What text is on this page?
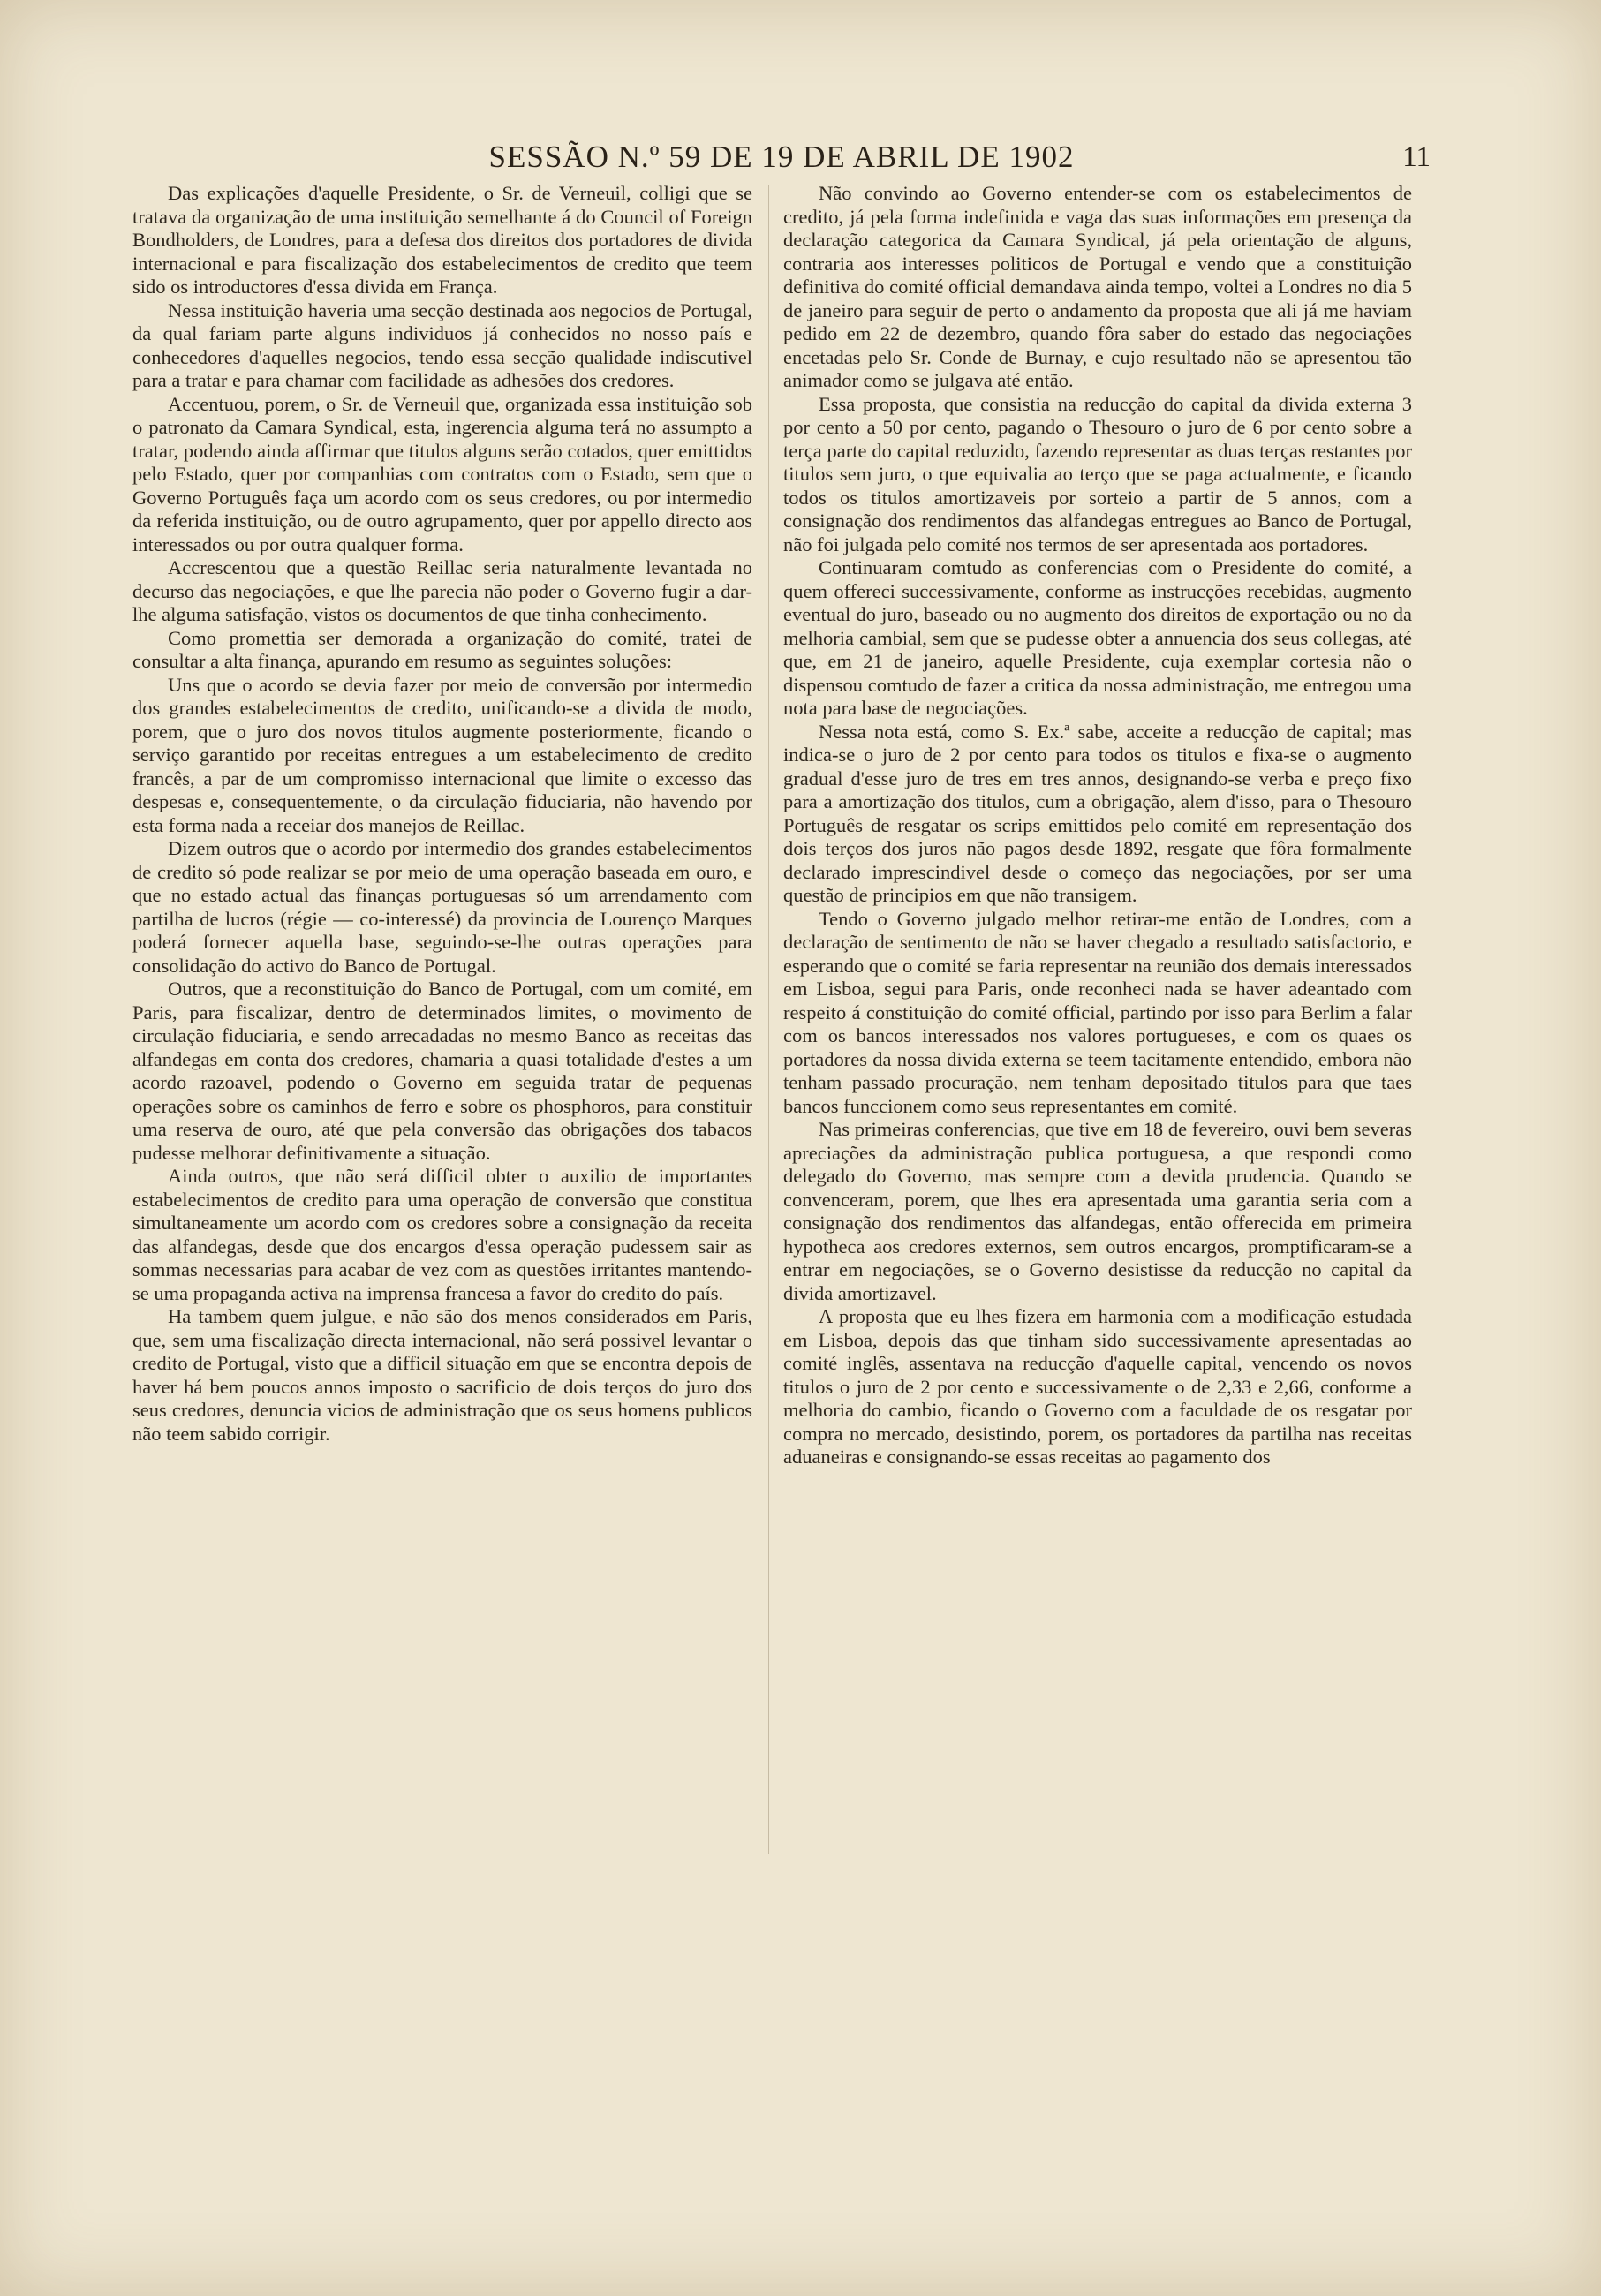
SESSÃO N.º 59 DE 19 DE ABRIL DE 1902	11

Das explicações d'aquelle Presidente, o Sr. de Verneuil, colligi que se tratava da organização de uma instituição semelhante á do Council of Foreign Bondholders, de Londres, para a defesa dos direitos dos portadores de divida internacional e para fiscalização dos estabelecimentos de credito que teem sido os introductores d'essa divida em França.

Nessa instituição haveria uma secção destinada aos negocios de Portugal, da qual fariam parte alguns individuos já conhecidos no nosso país e conhecedores d'aquelles negocios, tendo essa secção qualidade indiscutivel para a tratar e para chamar com facilidade as adhesões dos credores.

Accentuou, porem, o Sr. de Verneuil que, organizada essa instituição sob o patronato da Camara Syndical, esta, ingerencia alguma terá no assumpto a tratar, podendo ainda affirmar que titulos alguns serão cotados, quer emittidos pelo Estado, quer por companhias com contratos com o Estado, sem que o Governo Português faça um acordo com os seus credores, ou por intermedio da referida instituição, ou de outro agrupamento, quer por appello directo aos interessados ou por outra qualquer forma.

Accrescentou que a questão Reillac seria naturalmente levantada no decurso das negociações, e que lhe parecia não poder o Governo fugir a dar-lhe alguma satisfação, vistos os documentos de que tinha conhecimento.

Como promettia ser demorada a organização do comité, tratei de consultar a alta finança, apurando em resumo as seguintes soluções:

Uns que o acordo se devia fazer por meio de conversão por intermedio dos grandes estabelecimentos de credito, unificando-se a divida de modo, porem, que o juro dos novos titulos augmente posteriormente, ficando o serviço garantido por receitas entregues a um estabelecimento de credito francês, a par de um compromisso internacional que limite o excesso das despesas e, consequentemente, o da circulação fiduciaria, não havendo por esta forma nada a receiar dos manejos de Reillac.

Dizem outros que o acordo por intermedio dos grandes estabelecimentos de credito só pode realizar se por meio de uma operação baseada em ouro, e que no estado actual das finanças portuguesas só um arrendamento com partilha de lucros (régie — co-interessé) da provincia de Lourenço Marques poderá fornecer aquella base, seguindo-se-lhe outras operações para consolidação do activo do Banco de Portugal.

Outros, que a reconstituição do Banco de Portugal, com um comité, em Paris, para fiscalizar, dentro de determinados limites, o movimento de circulação fiduciaria, e sendo arrecadadas no mesmo Banco as receitas das alfandegas em conta dos credores, chamaria a quasi totalidade d'estes a um acordo razoavel, podendo o Governo em seguida tratar de pequenas operações sobre os caminhos de ferro e sobre os phosphoros, para constituir uma reserva de ouro, até que pela conversão das obrigações dos tabacos pudesse melhorar definitivamente a situação.

Ainda outros, que não será difficil obter o auxilio de importantes estabelecimentos de credito para uma operação de conversão que constitua simultaneamente um acordo com os credores sobre a consignação da receita das alfandegas, desde que dos encargos d'essa operação pudessem sair as sommas necessarias para acabar de vez com as questões irritantes mantendo-se uma propaganda activa na imprensa francesa a favor do credito do país.

Ha tambem quem julgue, e não são dos menos considerados em Paris, que, sem uma fiscalização directa internacional, não será possivel levantar o credito de Portugal, visto que a difficil situação em que se encontra depois de haver há bem poucos annos imposto o sacrificio de dois terços do juro dos seus credores, denuncia vicios de administração que os seus homens publicos não teem sabido corrigir.

Não convindo ao Governo entender-se com os estabelecimentos de credito, já pela forma indefinida e vaga das suas informações em presença da declaração categorica da Camara Syndical, já pela orientação de alguns, contraria aos interesses politicos de Portugal e vendo que a constituição definitiva do comité official demandava ainda tempo, voltei a Londres no dia 5 de janeiro para seguir de perto o andamento da proposta que ali já me haviam pedido em 22 de dezembro, quando fôra saber do estado das negociações encetadas pelo Sr. Conde de Burnay, e cujo resultado não se apresentou tão animador como se julgava até então.

Essa proposta, que consistia na reducção do capital da divida externa 3 por cento a 50 por cento, pagando o Thesouro o juro de 6 por cento sobre a terça parte do capital reduzido, fazendo representar as duas terças restantes por titulos sem juro, o que equivalia ao terço que se paga actualmente, e ficando todos os titulos amortizaveis por sorteio a partir de 5 annos, com a consignação dos rendimentos das alfandegas entregues ao Banco de Portugal, não foi julgada pelo comité nos termos de ser apresentada aos portadores.

Continuaram comtudo as conferencias com o Presidente do comité, a quem offereci successivamente, conforme as instrucções recebidas, augmento eventual do juro, baseado ou no augmento dos direitos de exportação ou no da melhoria cambial, sem que se pudesse obter a annuencia dos seus collegas, até que, em 21 de janeiro, aquelle Presidente, cuja exemplar cortesia não o dispensou comtudo de fazer a critica da nossa administração, me entregou uma nota para base de negociações.

Nessa nota está, como S. Ex.ª sabe, acceite a reducção de capital; mas indica-se o juro de 2 por cento para todos os titulos e fixa-se o augmento gradual d'esse juro de tres em tres annos, designando-se verba e preço fixo para a amortização dos titulos, cum a obrigação, alem d'isso, para o Thesouro Português de resgatar os scrips emittidos pelo comité em representação dos dois terços dos juros não pagos desde 1892, resgate que fôra formalmente declarado imprescindivel desde o começo das negociações, por ser uma questão de principios em que não transigem.

Tendo o Governo julgado melhor retirar-me então de Londres, com a declaração de sentimento de não se haver chegado a resultado satisfactorio, e esperando que o comité se faria representar na reunião dos demais interessados em Lisboa, segui para Paris, onde reconheci nada se haver adeantado com respeito á constituição do comité official, partindo por isso para Berlim a falar com os bancos interessados nos valores portugueses, e com os quaes os portadores da nossa divida externa se teem tacitamente entendido, embora não tenham passado procuração, nem tenham depositado titulos para que taes bancos funccionem como seus representantes em comité.

Nas primeiras conferencias, que tive em 18 de fevereiro, ouvi bem severas apreciações da administração publica portuguesa, a que respondi como delegado do Governo, mas sempre com a devida prudencia. Quando se convenceram, porem, que lhes era apresentada uma garantia seria com a consignação dos rendimentos das alfandegas, então offerecida em primeira hypotheca aos credores externos, sem outros encargos, promptificaram-se a entrar em negociações, se o Governo desistisse da reducção no capital da divida amortizavel.

A proposta que eu lhes fizera em harmonia com a modificação estudada em Lisboa, depois das que tinham sido successivamente apresentadas ao comité inglês, assentava na reducção d'aquelle capital, vencendo os novos titulos o juro de 2 por cento e successivamente o de 2,33 e 2,66, conforme a melhoria do cambio, ficando o Governo com a faculdade de os resgatar por compra no mercado, desistindo, porem, os portadores da partilha nas receitas aduaneiras e consignando-se essas receitas ao pagamento dos
